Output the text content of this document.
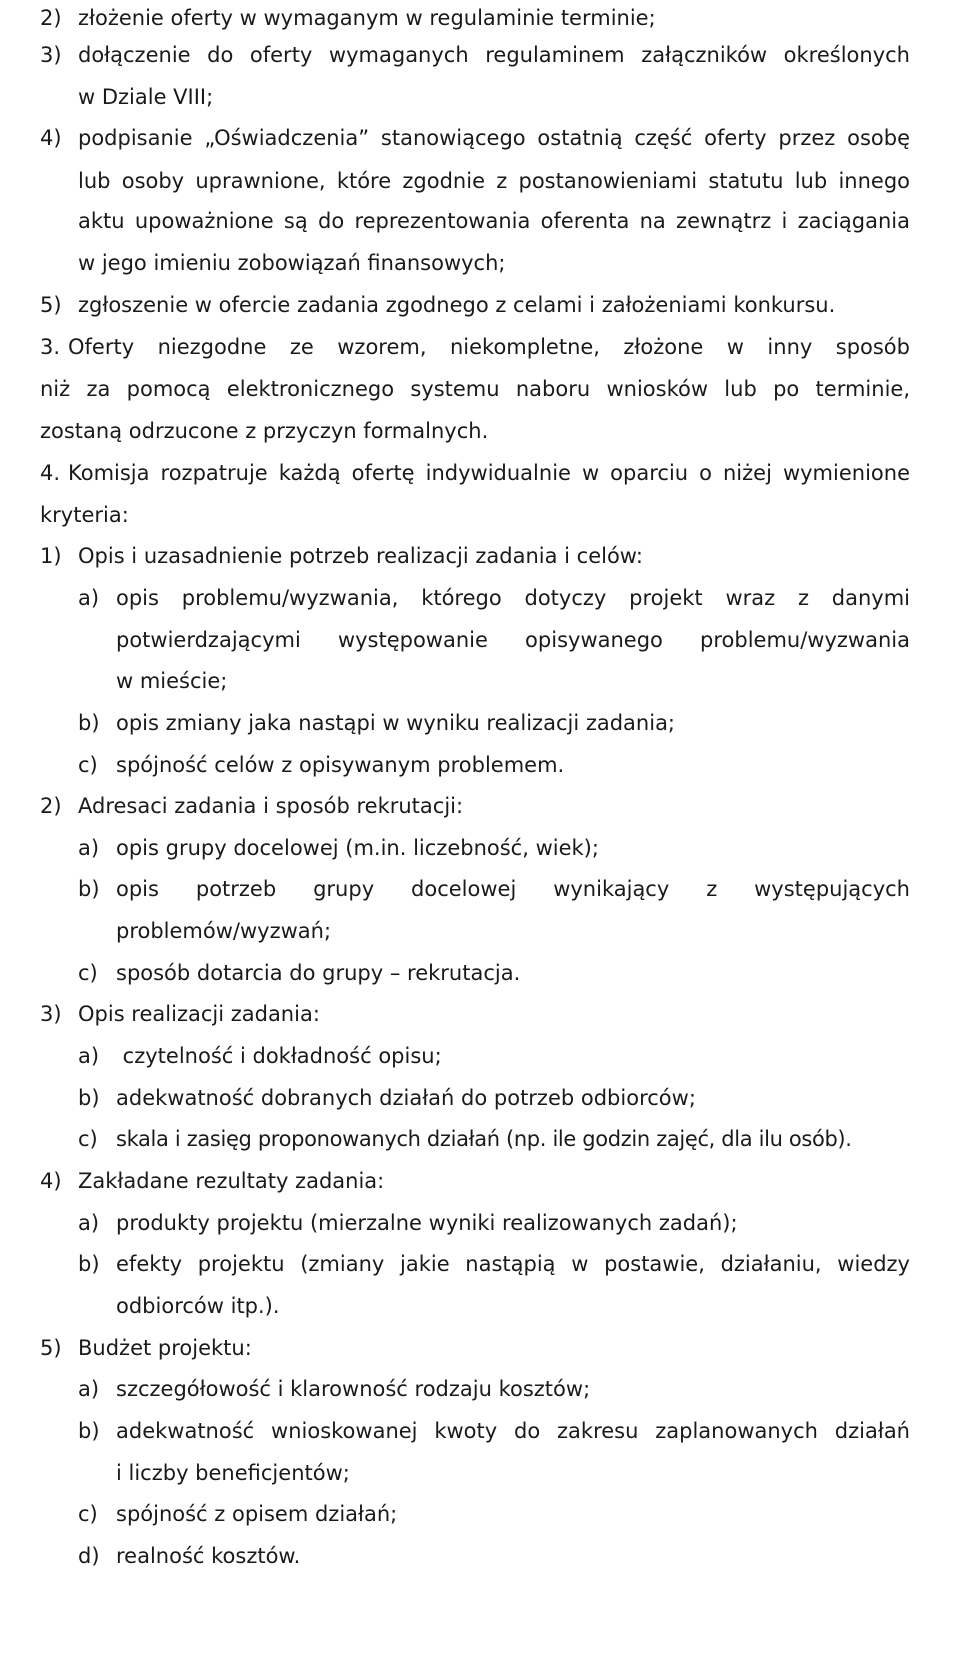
2) złożenie oferty w wymaganym w regulaminie terminie;
3) dołączenie do oferty wymaganych regulaminem załączników określonych
w Dziale VIII;
4) podpisanie „Oświadczenia” stanowiącego ostatnią część oferty przez osobę
lub osoby uprawnione, które zgodnie z postanowieniami statutu lub innego
aktu upoważnione są do reprezentowania oferenta na zewnątrz i zaciągania
w jego imieniu zobowiązań finansowych;
5) zgłoszenie w ofercie zadania zgodnego z celami i założeniami konkursu.
3. Oferty niezgodne ze wzorem, niekompletne, złożone w inny sposób
niż za pomocą elektronicznego systemu naboru wniosków lub po terminie,
zostaną odrzucone z przyczyn formalnych.
4. Komisja rozpatruje każdą ofertę indywidualnie w oparciu o niżej wymienione
kryteria:
1) Opis i uzasadnienie potrzeb realizacji zadania i celów:
a) opis problemu/wyzwania, którego dotyczy projekt wraz z danymi
potwierdzającymi występowanie opisywanego problemu/wyzwania
w mieście;
b) opis zmiany jaka nastąpi w wyniku realizacji zadania;
c) spójność celów z opisywanym problemem.
2) Adresaci zadania i sposób rekrutacji:
a) opis grupy docelowej (m.in. liczebność, wiek);
b) opis potrzeb grupy docelowej wynikający z występujących
problemów/wyzwań;
c) sposób dotarcia do grupy – rekrutacja.
3) Opis realizacji zadania:
a) czytelność i dokładność opisu;
b) adekwatność dobranych działań do potrzeb odbiorców;
c) skala i zasięg proponowanych działań (np. ile godzin zajęć, dla ilu osób).
4) Zakładane rezultaty zadania:
a) produkty projektu (mierzalne wyniki realizowanych zadań);
b) efekty projektu (zmiany jakie nastąpią w postawie, działaniu, wiedzy
odbiorców itp.).
5) Budżet projektu:
a) szczegółowość i klarowność rodzaju kosztów;
b) adekwatność wnioskowanej kwoty do zakresu zaplanowanych działań
i liczby beneficjentów;
c) spójność z opisem działań;
d) realność kosztów.
